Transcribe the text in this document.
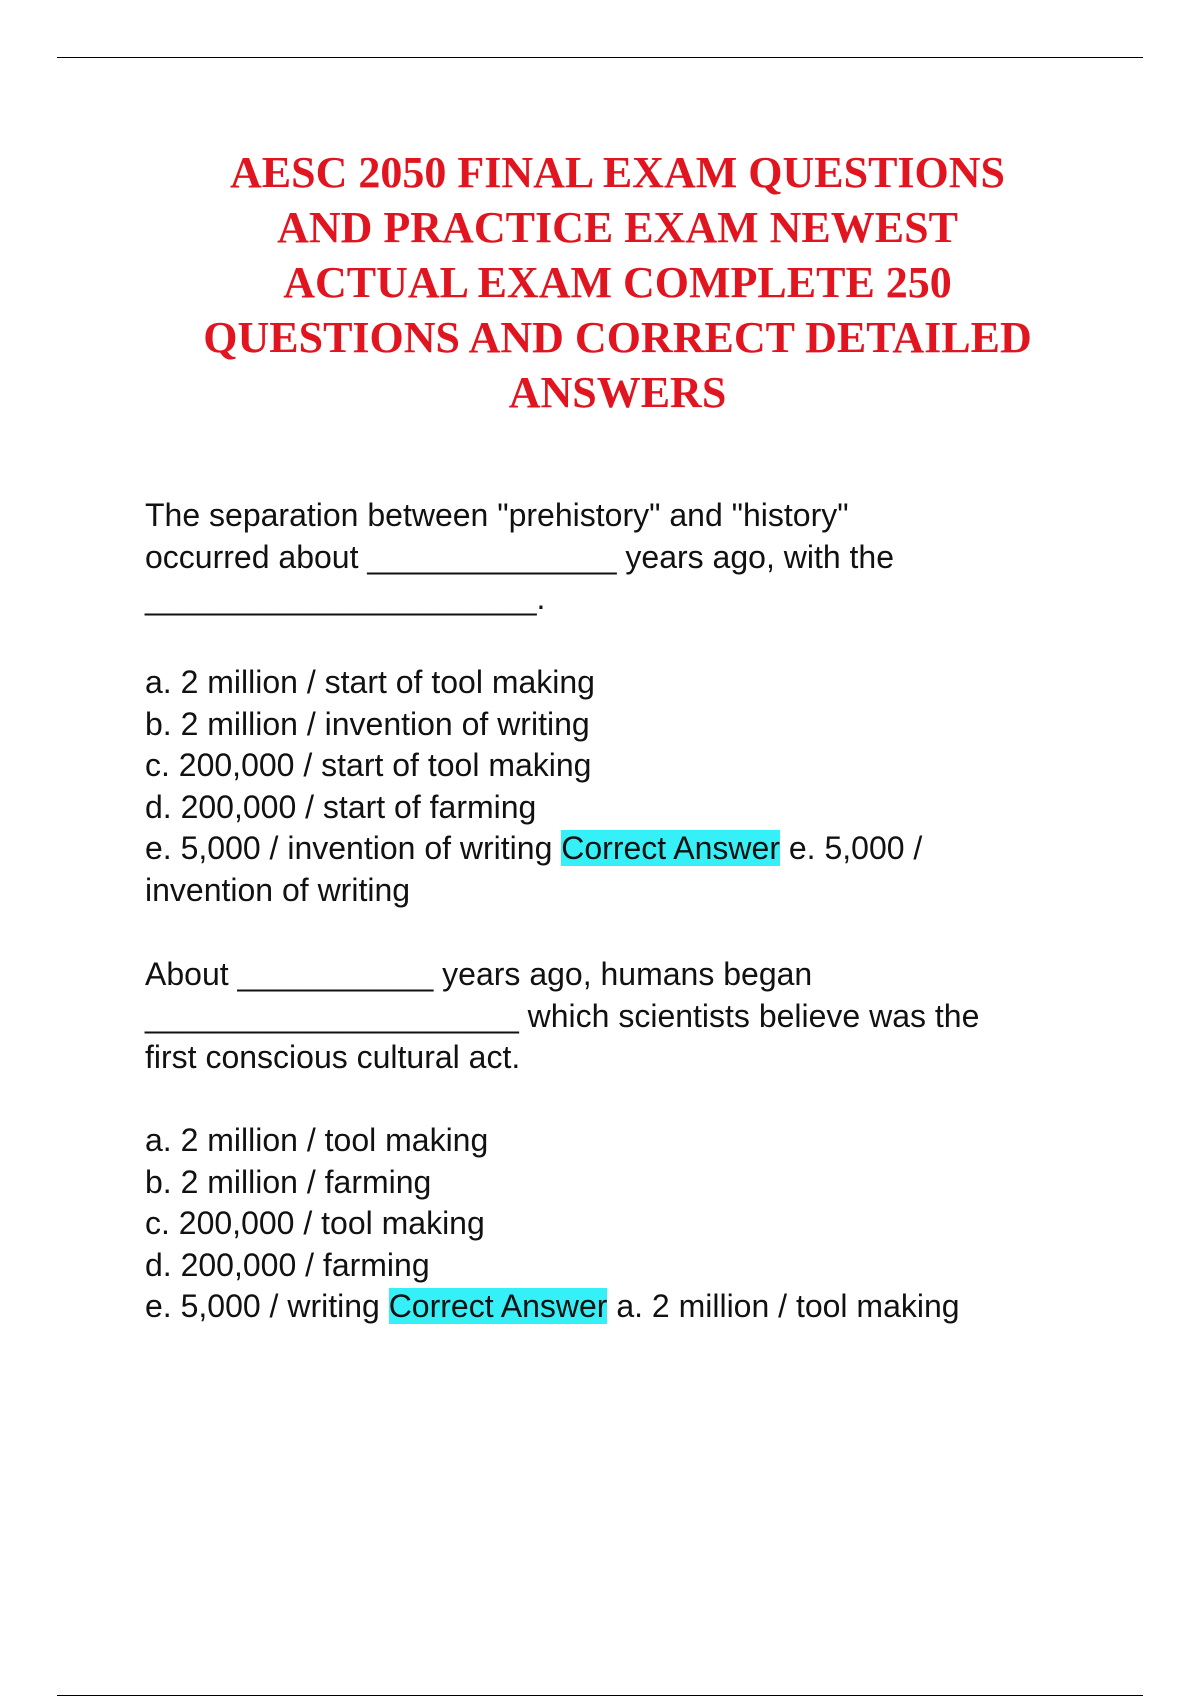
AESC 2050 FINAL EXAM QUESTIONS
AND PRACTICE EXAM NEWEST
ACTUAL EXAM COMPLETE 250
QUESTIONS AND CORRECT DETAILED
ANSWERS
The separation between "prehistory" and "history"
occurred about ______________ years ago, with the
______________________.
a. 2 million / start of tool making
b. 2 million / invention of writing
c. 200,000 / start of tool making
d. 200,000 / start of farming
e. 5,000 / invention of writing Correct Answer e. 5,000 /
invention of writing
About ___________ years ago, humans began
_____________________ which scientists believe was the
first conscious cultural act.
a. 2 million / tool making
b. 2 million / farming
c. 200,000 / tool making
d. 200,000 / farming
e. 5,000 / writing Correct Answer a. 2 million / tool making
